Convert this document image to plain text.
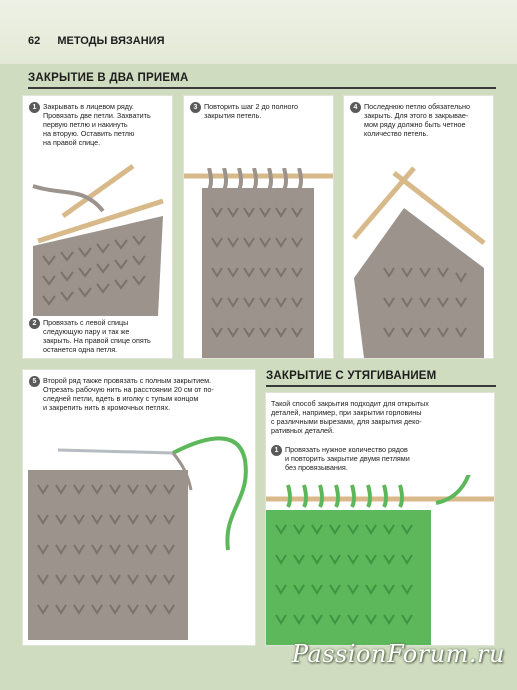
62 МЕТОДЫ ВЯЗАНИЯ
ЗАКРЫТИЕ В ДВА ПРИЕМА
1 Закрывать в лицевом ряду.
Провязать две петли. Захватить
первую петлю и накинуть
на вторую. Оставить петлю
на правой спице.
2 Провязать с левой спицы
следующую пару и так же
закрыть. На правой спице опять
останется одна петля.
3 Повторить шаг 2 до полного
закрытия петель.
4 Последнюю петлю обязательно
закрыть. Для этого в закрывае-
мом ряду должно быть четное
количество петель.
5 Второй ряд также провязать с полным закрытием.
Отрезать рабочую нить на расстоянии 20 см от по-
следней петли, вдеть в иголку с тупым концом
и закрепить нить в кромочных петлях.
ЗАКРЫТИЕ С УТЯГИВАНИЕМ
Такой способ закрытия подходит для открытых
деталей, например, при закрытии горловины
с различными вырезами, для закрытия деко-
ративных деталей.
1 Провязать нужное количество рядов
и повторить закрытие двумя петлями
без провязывания.
PassionForum.ru
